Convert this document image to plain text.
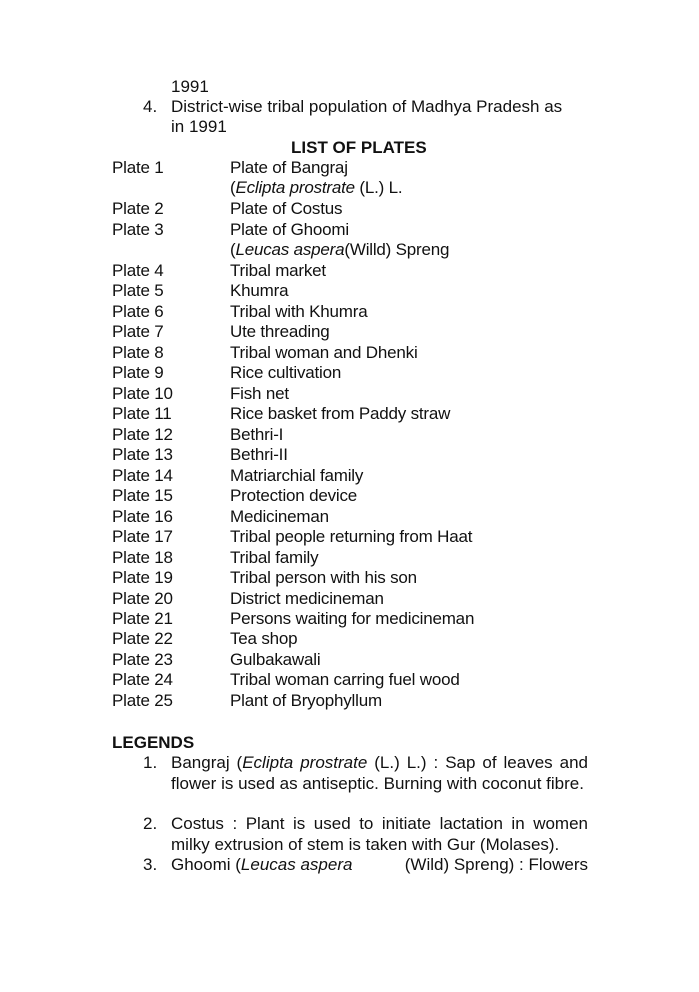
1991
4. District-wise tribal population of Madhya Pradesh as
in 1991
LIST OF PLATES
Plate 1	Plate of Bangraj
(Eclipta prostrate (L.) L.
Plate 2	Plate of Costus
Plate 3	Plate of Ghoomi
(Leucas aspera(Willd) Spreng
Plate 4	Tribal market
Plate 5	Khumra
Plate 6	Tribal with Khumra
Plate 7	Ute threading
Plate 8	Tribal woman and Dhenki
Plate 9	Rice cultivation
Plate 10	Fish net
Plate 11	Rice basket from Paddy straw
Plate 12	Bethri-I
Plate 13	Bethri-II
Plate 14	Matriarchial family
Plate 15	Protection device
Plate 16	Medicineman
Plate 17	Tribal people returning from Haat
Plate 18	Tribal family
Plate 19	Tribal person with his son
Plate 20	District medicineman
Plate 21	Persons waiting for medicineman
Plate 22	Tea shop
Plate 23	Gulbakawali
Plate 24	Tribal woman carring fuel wood
Plate 25	Plant of Bryophyllum
LEGENDS
1. Bangraj (Eclipta prostrate (L.) L.) : Sap of leaves and flower is used as antiseptic. Burning with coconut fibre.
2. Costus : Plant is used to initiate lactation in women milky extrusion of stem is taken with Gur (Molases).
3. Ghoomi (Leucas aspera	(Wild) Spreng) : Flowers
